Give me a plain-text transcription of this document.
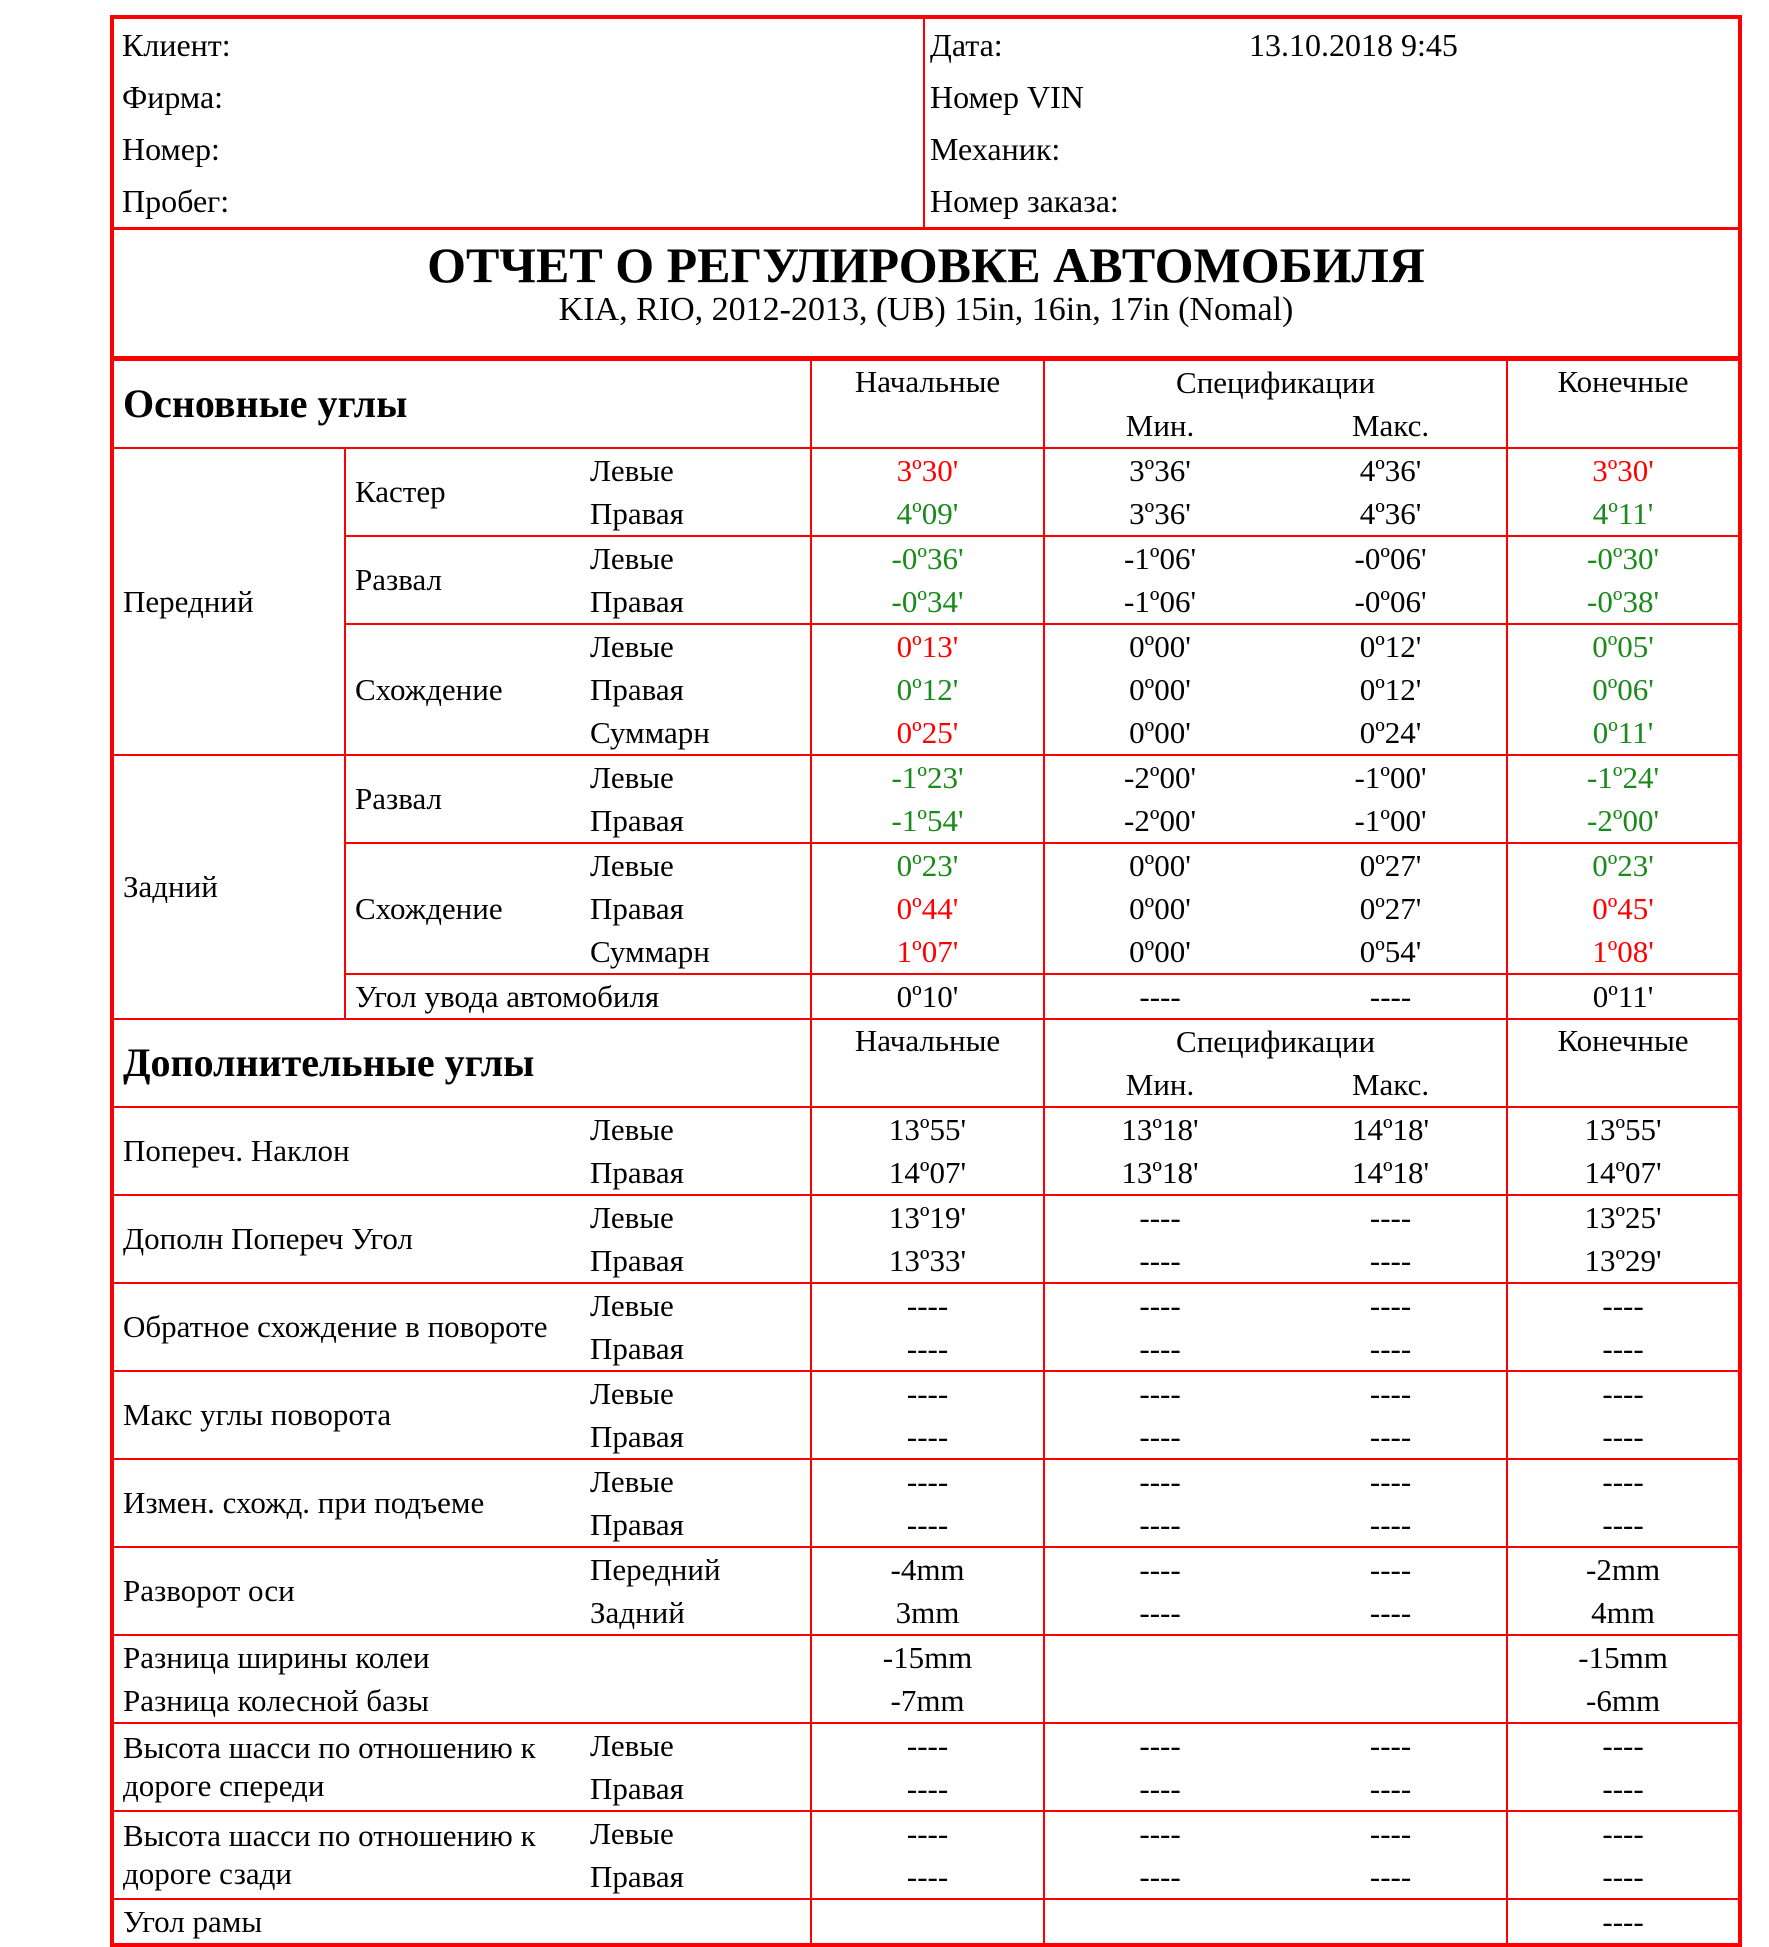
Клиент:
Фирма:
Номер:
Пробег:
Дата:	13.10.2018 9:45
Номер VIN
Механик:
Номер заказа:
ОТЧЕТ О РЕГУЛИРОВКЕ АВТОМОБИЛЯ
KIA, RIO, 2012-2013, (UB) 15in, 16in, 17in (Nomal)
Основные углы			Начальные	Спецификации		Конечные
				Мин.	Макс.	
Передний	Кастер	Левые	3º30'	3º36'	4º36'	3º30'
		Правая	4º09'	3º36'	4º36'	4º11'
	Развал	Левые	-0º36'	-1º06'	-0º06'	-0º30'
		Правая	-0º34'	-1º06'	-0º06'	-0º38'
	Схождение	Левые	0º13'	0º00'	0º12'	0º05'
		Правая	0º12'	0º00'	0º12'	0º06'
		Суммарн	0º25'	0º00'	0º24'	0º11'
Задний	Развал	Левые	-1º23'	-2º00'	-1º00'	-1º24'
		Правая	-1º54'	-2º00'	-1º00'	-2º00'
	Схождение	Левые	0º23'	0º00'	0º27'	0º23'
		Правая	0º44'	0º00'	0º27'	0º45'
		Суммарн	1º07'	0º00'	0º54'	1º08'
	Угол увода автомобиля		0º10'	----	----	0º11'
Дополнительные углы			Начальные	Спецификации		Конечные
				Мин.	Макс.	
Попереч. Наклон		Левые	13º55'	13º18'	14º18'	13º55'
		Правая	14º07'	13º18'	14º18'	14º07'
Дополн Попереч Угол		Левые	13º19'	----	----	13º25'
		Правая	13º33'	----	----	13º29'
Обратное схождение в повороте		Левые	----	----	----	----
		Правая	----	----	----	----
Макс углы поворота		Левые	----	----	----	----
		Правая	----	----	----	----
Измен. схожд. при подъеме		Левые	----	----	----	----
		Правая	----	----	----	----
Разворот оси		Передний	-4mm	----	----	-2mm
		Задний	3mm	----	----	4mm
Разница ширины колеи			-15mm			-15mm
Разница колесной базы			-7mm			-6mm
Высота шасси по отношению к дороге спереди		Левые	----	----	----	----
		Правая	----	----	----	----
Высота шасси по отношению к дороге сзади		Левые	----	----	----	----
		Правая	----	----	----	----
Угол рамы						----
